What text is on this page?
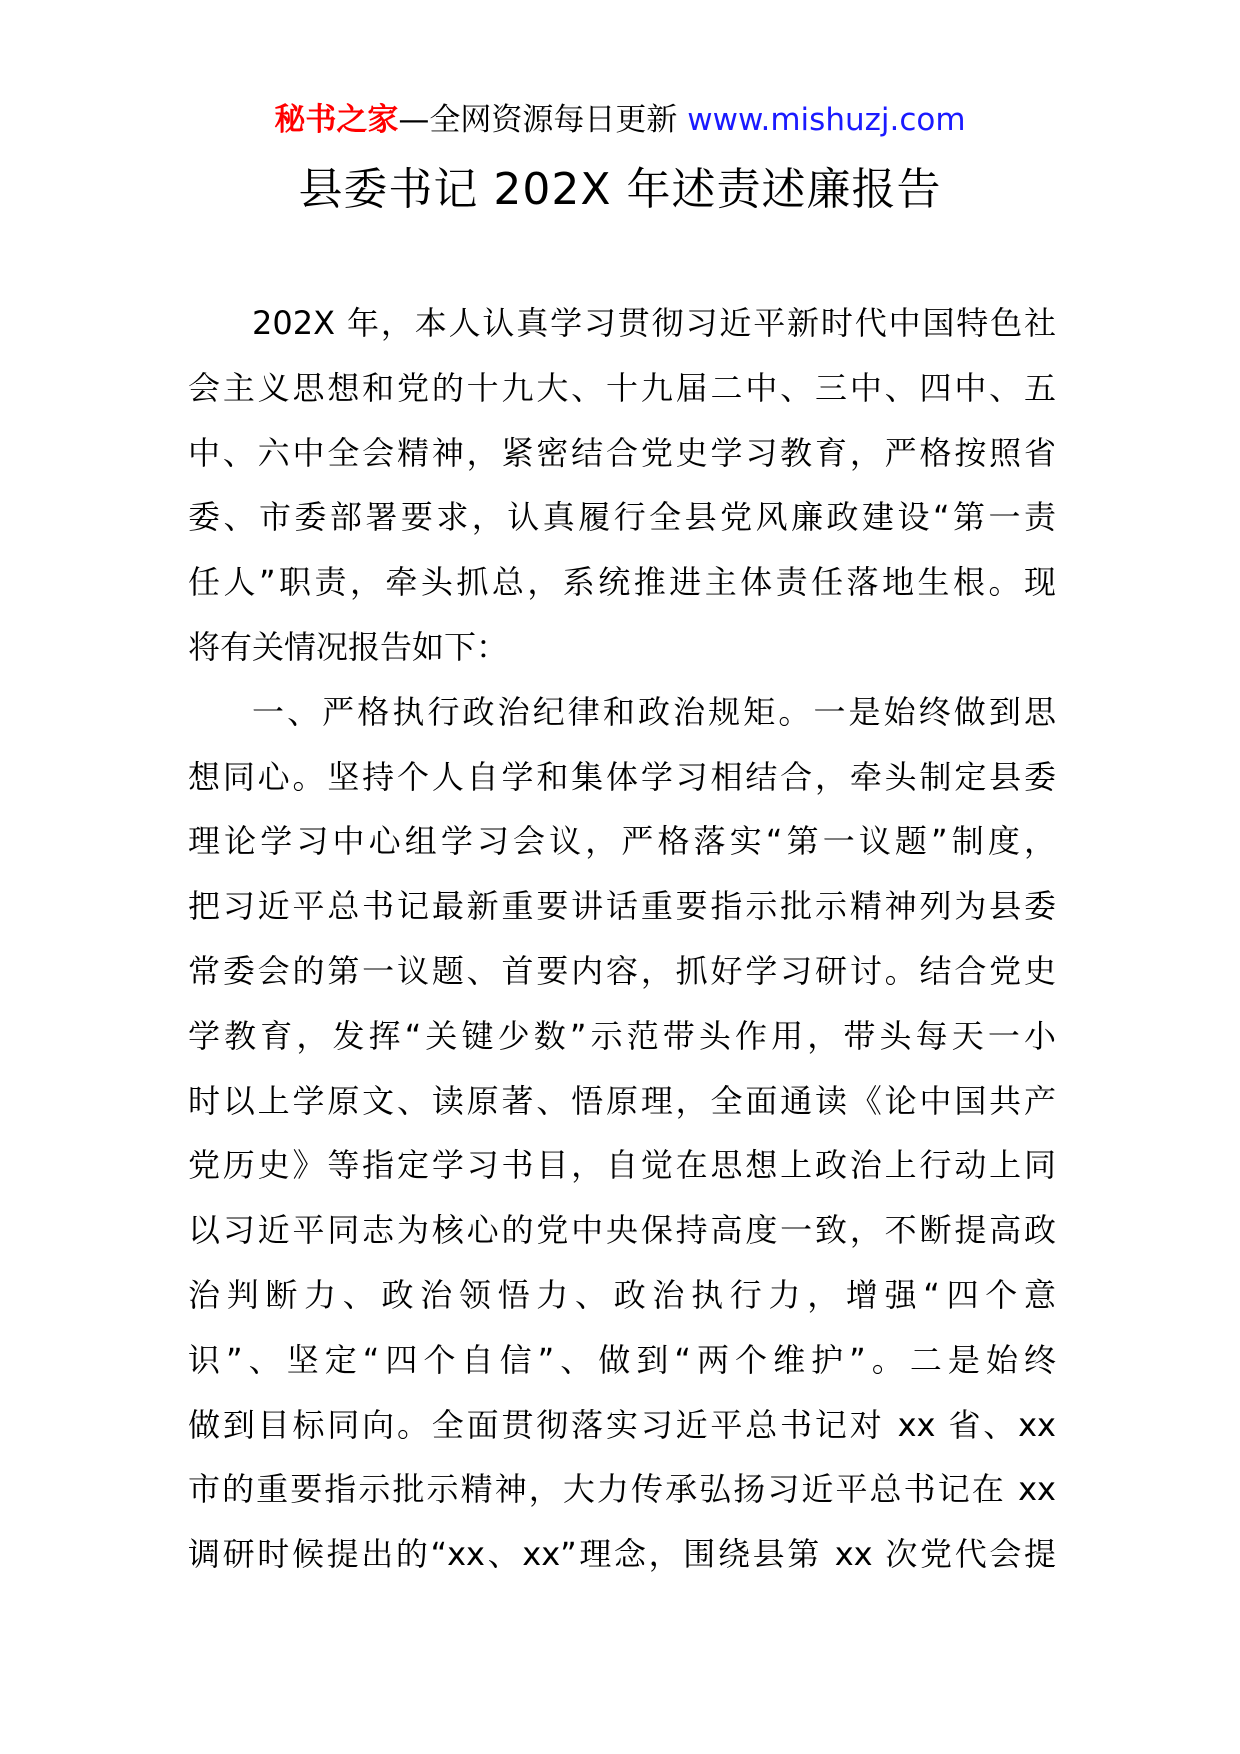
秘书之家—全网资源每日更新 www.mishuzj.com
县委书记 202X 年述责述廉报告
202X 年，本人认真学习贯彻习近平新时代中国特色社
会主义思想和党的十九大、十九届二中、三中、四中、五
中、六中全会精神，紧密结合党史学习教育，严格按照省
委、市委部署要求，认真履行全县党风廉政建设“第一责
任人”职责，牵头抓总，系统推进主体责任落地生根。现
将有关情况报告如下：
一、严格执行政治纪律和政治规矩。一是始终做到思
想同心。坚持个人自学和集体学习相结合，牵头制定县委
理论学习中心组学习会议，严格落实“第一议题”制度，
把习近平总书记最新重要讲话重要指示批示精神列为县委
常委会的第一议题、首要内容，抓好学习研讨。结合党史
学教育，发挥“关键少数”示范带头作用，带头每天一小
时以上学原文、读原著、悟原理，全面通读《论中国共产
党历史》等指定学习书目，自觉在思想上政治上行动上同
以习近平同志为核心的党中央保持高度一致，不断提高政
治判断力、政治领悟力、政治执行力，增强“四个意
识”、坚定“四个自信”、做到“两个维护”。二是始终
做到目标同向。全面贯彻落实习近平总书记对 xx 省、xx
市的重要指示批示精神，大力传承弘扬习近平总书记在 xx
调研时候提出的“xx、xx”理念，围绕县第 xx 次党代会提
